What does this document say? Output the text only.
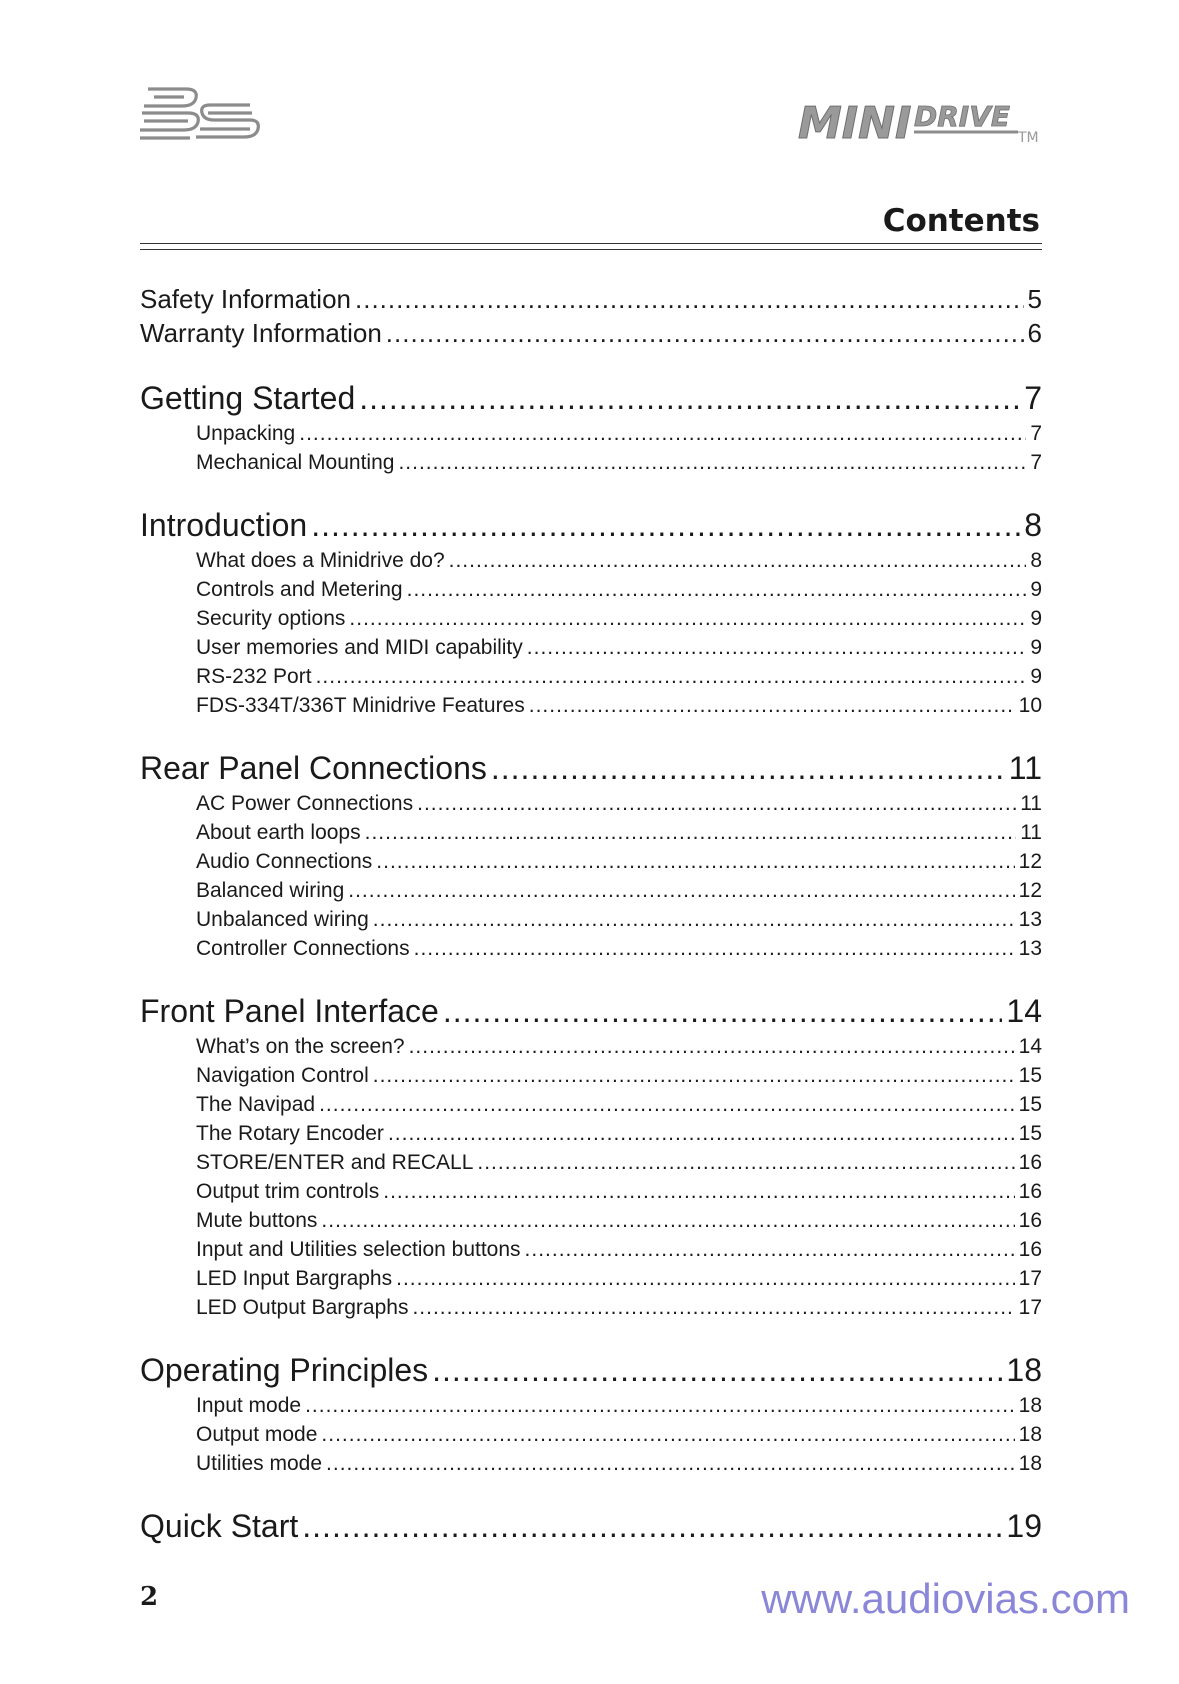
MINI DRIVE
TM
Contents
Safety Information .....	5
Warranty Information .....	6
Getting Started .....	7
Unpacking .....	7
Mechanical Mounting .....	7
Introduction .....	8
What does a Minidrive do? .....	8
Controls and Metering .....	9
Security options .....	9
User memories and MIDI capability .....	9
RS-232 Port .....	9
FDS-334T/336T Minidrive Features .....	10
Rear Panel Connections .....	11
AC Power Connections .....	11
About earth loops .....	11
Audio Connections .....	12
Balanced wiring .....	12
Unbalanced wiring .....	13
Controller Connections .....	13
Front Panel Interface .....	14
What’s on the screen? .....	14
Navigation Control .....	15
The Navipad .....	15
The Rotary Encoder .....	15
STORE/ENTER and RECALL .....	16
Output trim controls .....	16
Mute buttons .....	16
Input and Utilities selection buttons .....	16
LED Input Bargraphs .....	17
LED Output Bargraphs .....	17
Operating Principles .....	18
Input mode .....	18
Output mode .....	18
Utilities mode .....	18
Quick Start .....	19
2	www.audiovias.com
